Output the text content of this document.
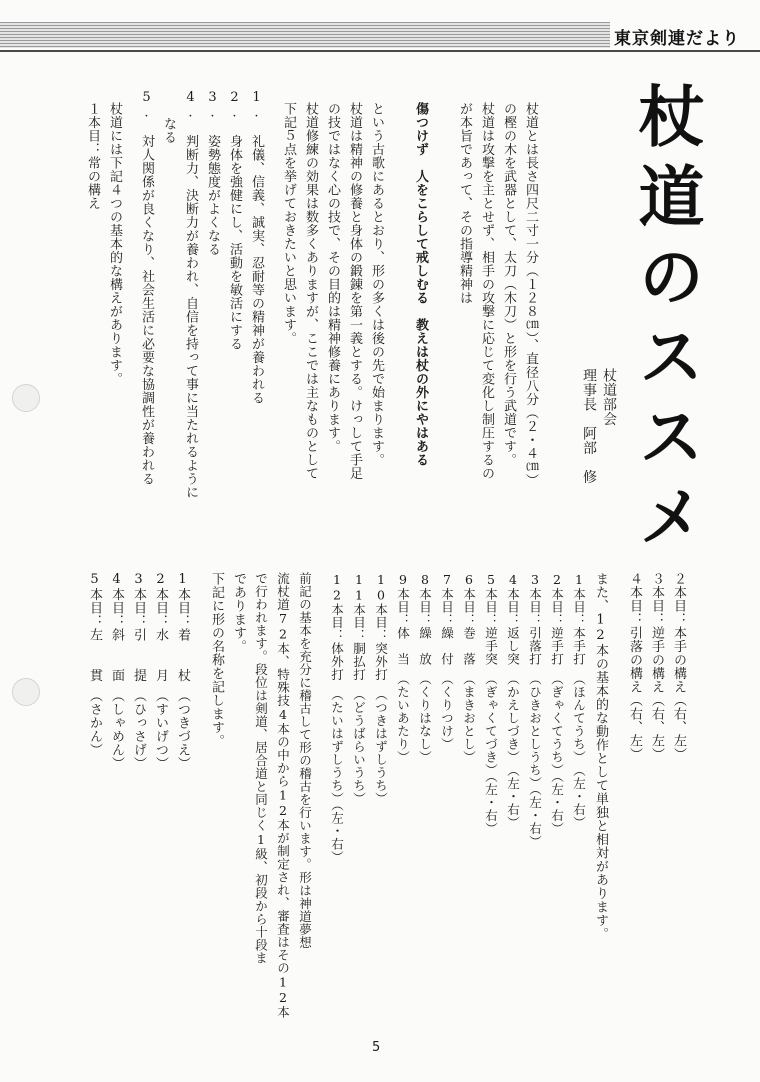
東京剣連だより
杖道のススメ
杖道部会
理事長　阿部　修
杖道とは長さ四尺二寸一分（１２８㎝）、直径八分（２・４㎝）
の樫の木を武器として、太刀（木刀）と形を行う武道です。
杖道は攻撃を主とせず、相手の攻撃に応じて変化し制圧するの
が本旨であって、その指導精神は
傷つけず　人をこらして戒しむる　教えは杖の外にやはある
という古歌にあるとおり、形の多くは後の先で始まります。
杖道は精神の修養と身体の鍛錬を第一義とする。けっして手足
の技ではなく心の技で、その目的は精神修養にあります。
杖道修練の効果は数多くありますが、ここでは主なものとして
下記５点を挙げておきたいと思います。
1.　礼儀、信義、誠実、忍耐等の精神が養われる
2.　身体を強健にし、活動を敏活にする
3.　姿勢態度がよくなる
4.　判断力、決断力が養われ、自信を持って事に当たれるように
　　なる
5.　対人関係が良くなり、社会生活に必要な協調性が養われる
杖道には下記４つの基本的な構えがあります。
１本目：常の構え
２本目：本手の構え（右、左）
３本目：逆手の構え（右、左）
４本目：引落の構え（右、左）
また、12本の基本的な動作として単独と相対があります。
1本目：本手打　（ほんてうち）　（左・右）
2本目：逆手打　（ぎゃくてうち）（左・右）
3本目：引落打　（ひきおとしうち）（左・右）
4本目：返し突　（かえしづき）　（左・右）
5本目：逆手突　（ぎゃくてづき）（左・右）
6本目：巻　落　（まきおとし）
7本目：繰　付　（くりつけ）
8本目：繰　放　（くりはなし）
9本目：体　当　（たいあたり）
10本目：突外打　（つきはずしうち）
11本目：胴払打　（どうばらいうち）
12本目：体外打　（たいはずしうち）（左・右）
前記の基本を充分に稽古して形の稽古を行います。形は神道夢想
流杖道72本、特殊技4本の中から12本が制定され、審査はその12本
で行われます。段位は剣道、居合道と同じく1級、初段から十段ま
であります。
下記に形の名称を記します。
1本目：着　　杖　（つきづえ）
2本目：水　　月　（すいげつ）
3本目：引　　提　（ひっさげ）
4本目：斜　　面　（しゃめん）
5本目：左　　貫　（さかん）
5
